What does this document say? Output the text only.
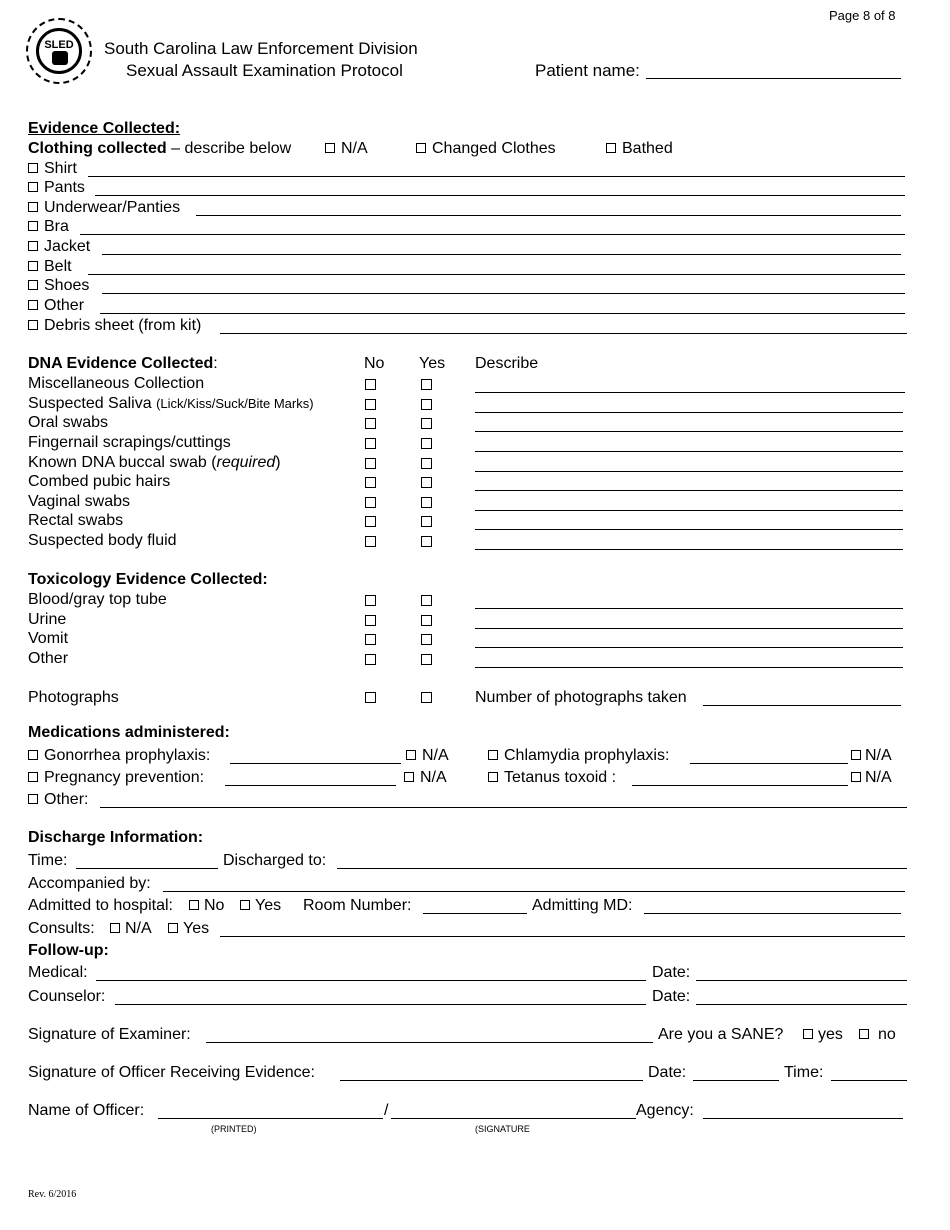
Page 8 of 8
SLED	South Carolina Law Enforcement Division
Sexual Assault Examination Protocol	Patient name:
Evidence Collected:
Clothing collected – describe below	N/A	Changed Clothes	Bathed
Shirt
Pants
Underwear/Panties
Bra
Jacket
Belt
Shoes
Other
Debris sheet (from kit)
DNA Evidence Collected:	No Yes Describe
Miscellaneous Collection
Suspected Saliva (Lick/Kiss/Suck/Bite Marks)
Oral swabs
Fingernail scrapings/cuttings
Known DNA buccal swab (required)
Combed pubic hairs
Vaginal swabs
Rectal swabs
Suspected body fluid
Toxicology Evidence Collected:
Blood/gray top tube
Urine
Vomit
Other
Photographs	Number of photographs taken
Medications administered:
Gonorrhea prophylaxis:	N/A	Chlamydia prophylaxis:	N/A
Pregnancy prevention:	N/A	Tetanus toxoid :	N/A
Other:
Discharge Information:
Time:	Discharged to:
Accompanied by:
Admitted to hospital:	No	Yes Room Number:	Admitting MD:
Consults:	N/A	Yes
Follow-up:
Medical:	Date:
Counselor:	Date:
Signature of Examiner:	Are you a SANE?	yes	no
Signature of Officer Receiving Evidence:	Date:	Time:
Name of Officer:	/	Agency:
(PRINTED)	(SIGNATURE
Rev. 6/2016
